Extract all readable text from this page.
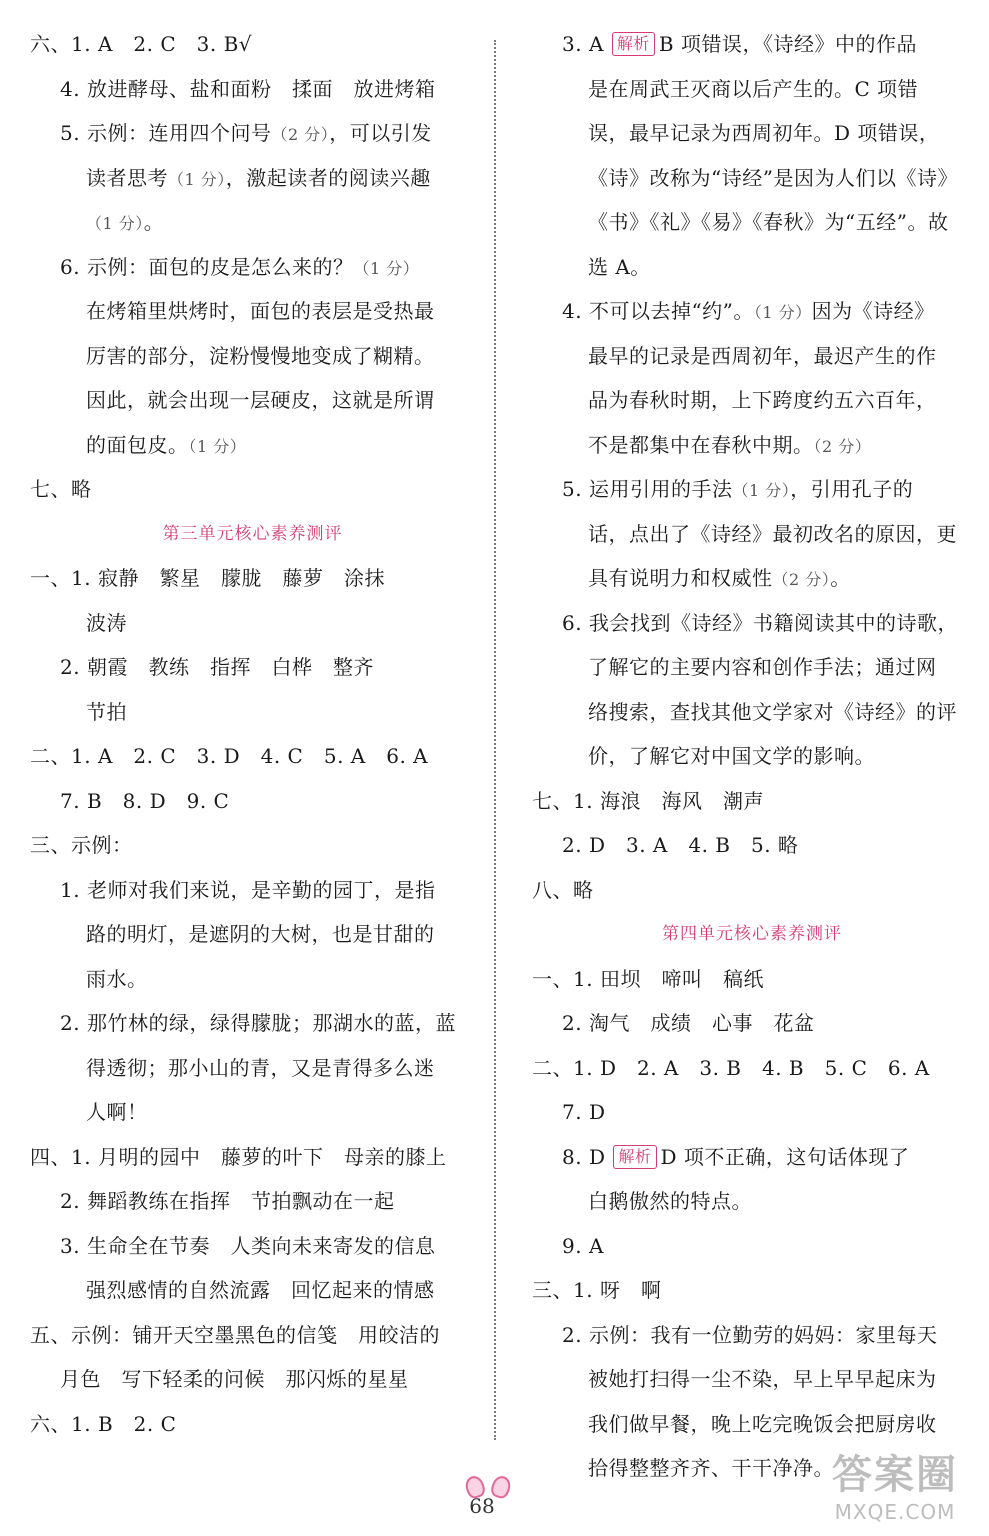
六、1. A　2. C　3. B√
4. 放进酵母、盐和面粉　揉面　放进烤箱
5. 示例：连用四个问号（2 分），可以引发
读者思考（1 分），激起读者的阅读兴趣
（1 分）。
6. 示例：面包的皮是怎么来的？（1 分）
在烤箱里烘烤时，面包的表层是受热最
厉害的部分，淀粉慢慢地变成了糊精。
因此，就会出现一层硬皮，这就是所谓
的面包皮。（1 分）
七、略
第三单元核心素养测评
一、1. 寂静　繁星　朦胧　藤萝　涂抹
波涛
2. 朝霞　教练　指挥　白桦　整齐
节拍
二、1. A　2. C　3. D　4. C　5. A　6. A
7. B　8. D　9. C
三、示例：
1. 老师对我们来说，是辛勤的园丁，是指
路的明灯，是遮阴的大树，也是甘甜的
雨水。
2. 那竹林的绿，绿得朦胧；那湖水的蓝，蓝
得透彻；那小山的青，又是青得多么迷
人啊！
四、1. 月明的园中　藤萝的叶下　母亲的膝上
2. 舞蹈教练在指挥　节拍飘动在一起
3. 生命全在节奏　人类向未来寄发的信息
强烈感情的自然流露　回忆起来的情感
五、示例：铺开天空墨黑色的信笺　用皎洁的
月色　写下轻柔的问候　那闪烁的星星
六、1. B　2. C
3. A 解析 B 项错误，《诗经》中的作品
是在周武王灭商以后产生的。C 项错
误，最早记录为西周初年。D 项错误，
《诗》改称为“诗经”是因为人们以《诗》
《书》《礼》《易》《春秋》为“五经”。故
选 A。
4. 不可以去掉“约”。（1 分）因为《诗经》
最早的记录是西周初年，最迟产生的作
品为春秋时期，上下跨度约五六百年，
不是都集中在春秋中期。（2 分）
5. 运用引用的手法（1 分），引用孔子的
话，点出了《诗经》最初改名的原因，更
具有说明力和权威性（2 分）。
6. 我会找到《诗经》书籍阅读其中的诗歌，
了解它的主要内容和创作手法；通过网
络搜索，查找其他文学家对《诗经》的评
价，了解它对中国文学的影响。
七、1. 海浪　海风　潮声
2. D　3. A　4. B　5. 略
八、略
第四单元核心素养测评
一、1. 田坝　啼叫　稿纸
2. 淘气　成绩　心事　花盆
二、1. D　2. A　3. B　4. B　5. C　6. A
7. D
8. D 解析 D 项不正确，这句话体现了
白鹅傲然的特点。
9. A
三、1. 呀　啊
2. 示例：我有一位勤劳的妈妈：家里每天
被她打扫得一尘不染，早上早早起床为
我们做早餐，晚上吃完晚饭会把厨房收
拾得整整齐齐、干干净净。
68
答案圈
MXQE.COM
